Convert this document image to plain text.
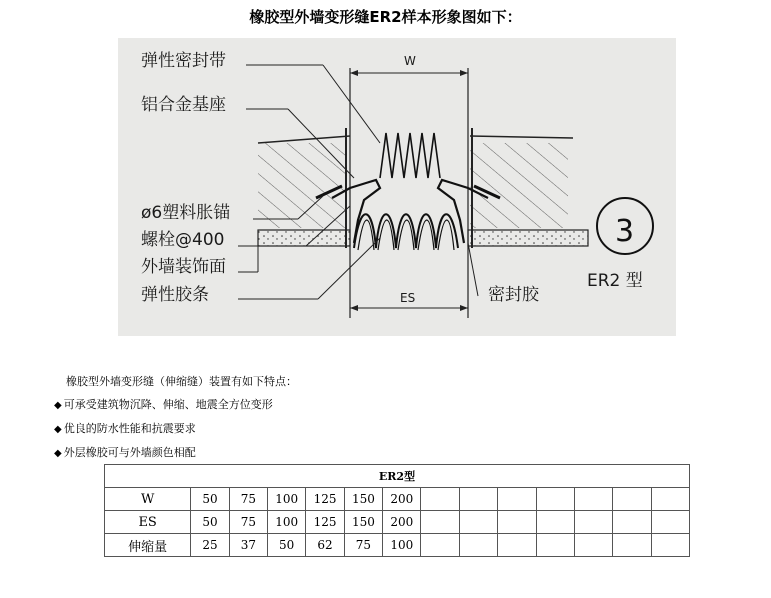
橡胶型外墙变形缝ER2样本形象图如下：
W
ES
弹性密封带
铝合金基座
ø6塑料胀锚
螺栓@400
外墙装饰面
弹性胶条	密封胶
3
ER2 型
橡胶型外墙变形缝（伸缩缝）装置有如下特点：
◆ 可承受建筑物沉降、伸缩、地震全方位变形
◆ 优良的防水性能和抗震要求
◆ 外层橡胶可与外墙颜色相配
ER2型													
W	50	75	100	125	150	200							
ES	50	75	100	125	150	200							
伸缩量	25	37	50	62	75	100							
